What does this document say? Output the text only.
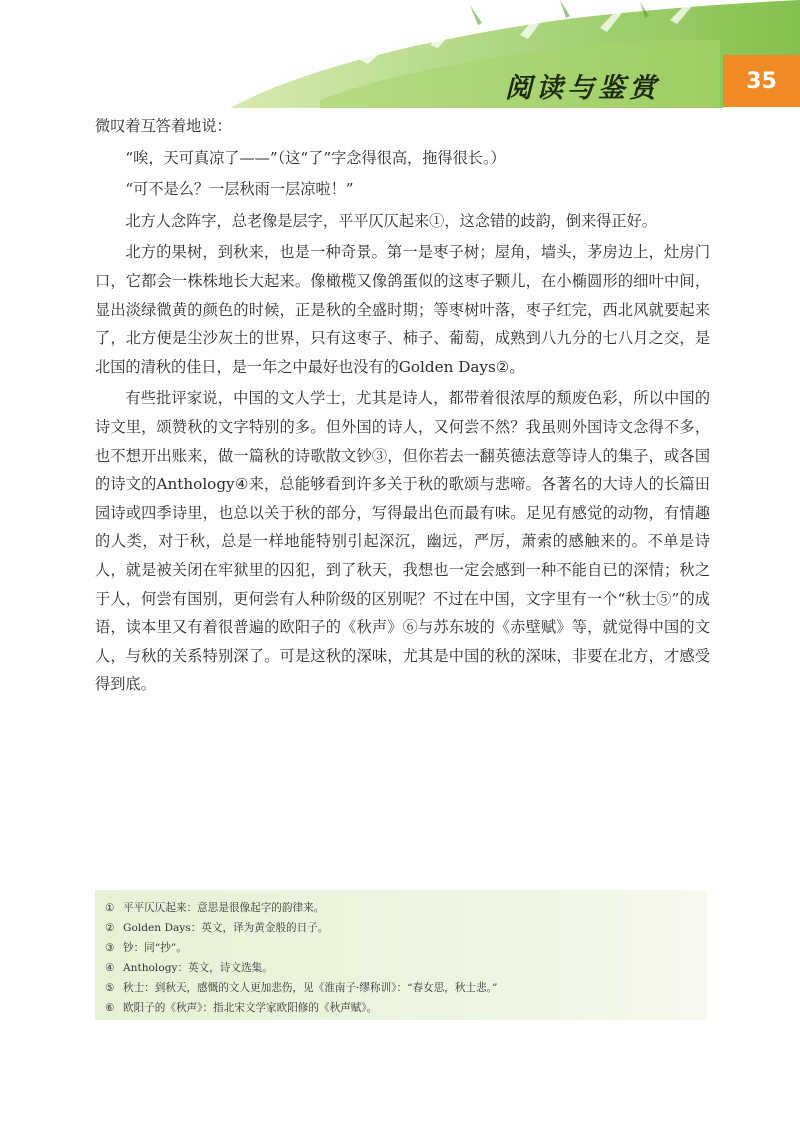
阅读与鉴赏	35

微叹着互答着地说：

“唉，天可真凉了——”（这“了”字念得很高，拖得很长。）

“可不是么？一层秋雨一层凉啦！”

北方人念阵字，总老像是层字，平平仄仄起来①，这念错的歧韵，倒来得正好。

北方的果树，到秋来，也是一种奇景。第一是枣子树；屋角，墙头，茅房边上，灶房门口，它都会一株株地长大起来。像橄榄又像鸽蛋似的这枣子颗儿，在小椭圆形的细叶中间，显出淡绿微黄的颜色的时候，正是秋的全盛时期；等枣树叶落，枣子红完，西北风就要起来了，北方便是尘沙灰土的世界，只有这枣子、柿子、葡萄，成熟到八九分的七八月之交，是北国的清秋的佳日，是一年之中最好也没有的Golden Days②。

有些批评家说，中国的文人学士，尤其是诗人，都带着很浓厚的颓废色彩，所以中国的诗文里，颂赞秋的文字特别的多。但外国的诗人，又何尝不然？我虽则外国诗文念得不多，也不想开出账来，做一篇秋的诗歌散文钞③，但你若去一翻英德法意等诗人的集子，或各国的诗文的Anthology④来，总能够看到许多关于秋的歌颂与悲啼。各著名的大诗人的长篇田园诗或四季诗里，也总以关于秋的部分，写得最出色而最有味。足见有感觉的动物，有情趣的人类，对于秋，总是一样地能特别引起深沉，幽远，严厉，萧索的感触来的。不单是诗人，就是被关闭在牢狱里的囚犯，到了秋天，我想也一定会感到一种不能自已的深情；秋之于人，何尝有国别，更何尝有人种阶级的区别呢？不过在中国，文字里有一个“秋士⑤”的成语，读本里又有着很普遍的欧阳子的《秋声》⑥与苏东坡的《赤壁赋》等，就觉得中国的文人，与秋的关系特别深了。可是这秋的深味，尤其是中国的秋的深味，非要在北方，才感受得到底。

① 平平仄仄起来：意思是很像起字的韵律来。
② Golden Days：英文，译为黄金般的日子。
③ 钞：同“抄”。
④ Anthology：英文，诗文选集。
⑤ 秋士：到秋天，感慨的文人更加悲伤，见《淮南子·缪称训》：“春女思，秋士悲。”
⑥ 欧阳子的《秋声》：指北宋文学家欧阳修的《秋声赋》。
